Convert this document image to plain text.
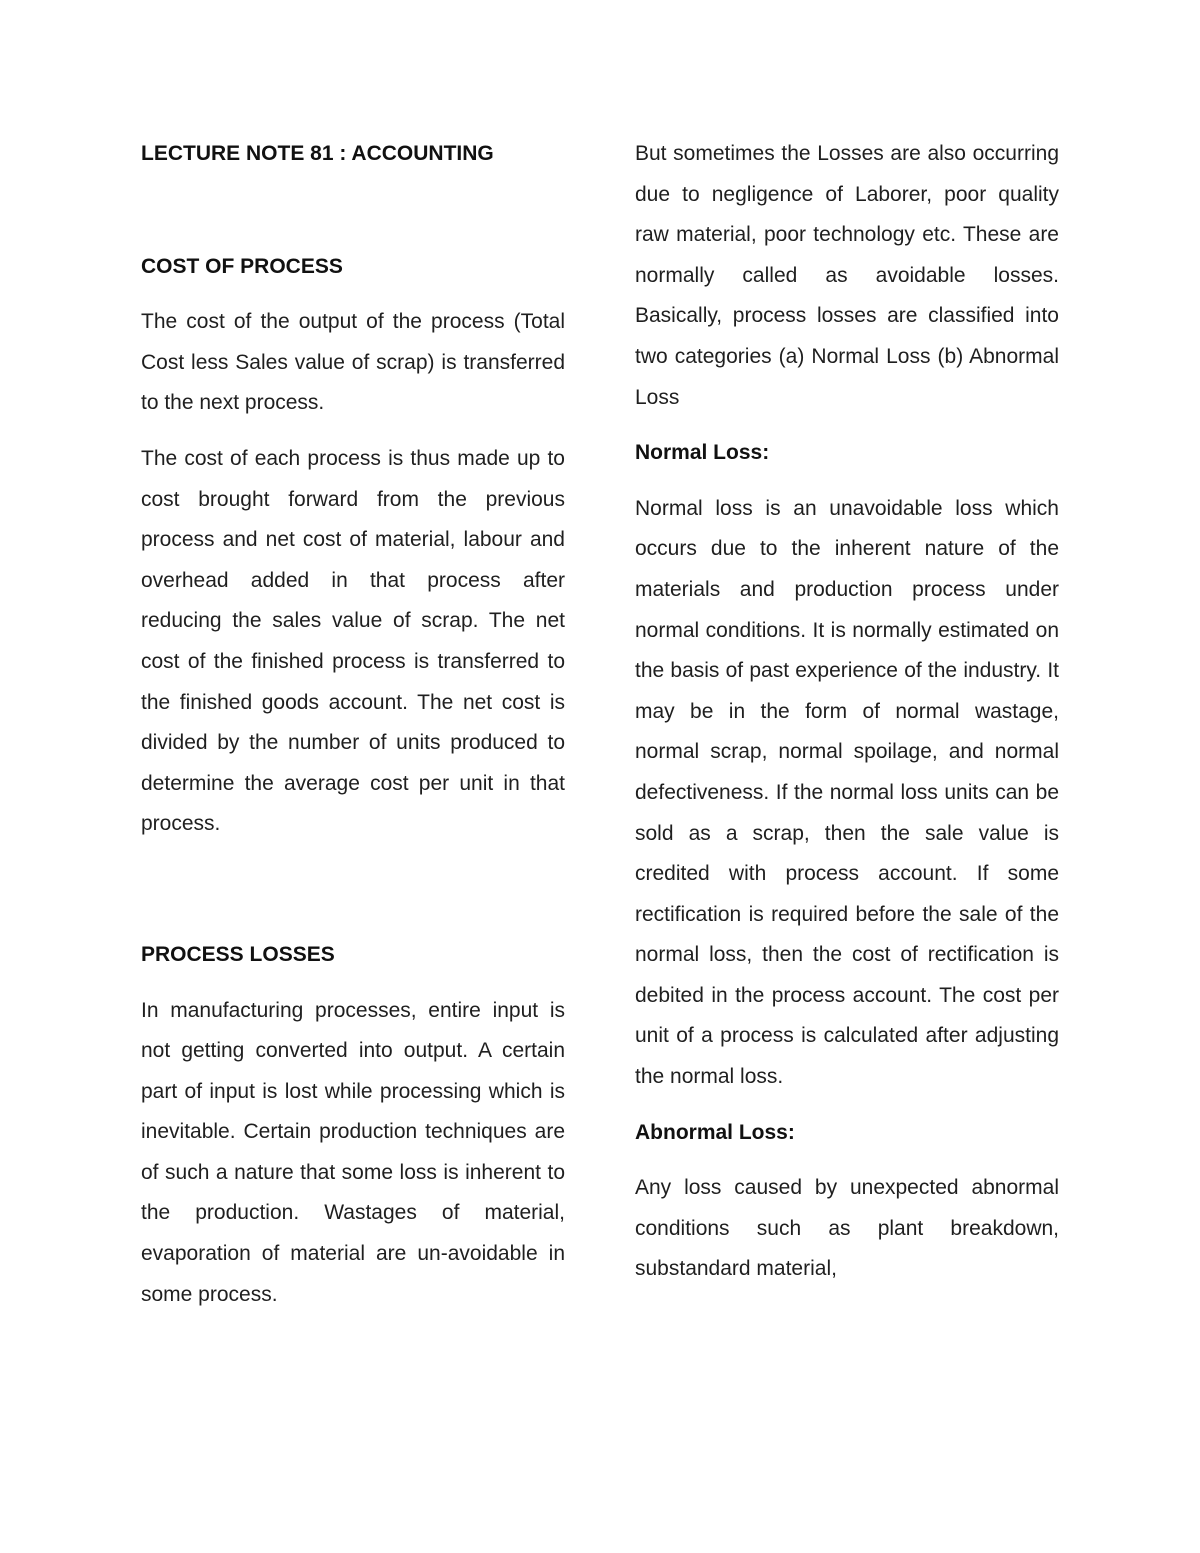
LECTURE NOTE 81 : ACCOUNTING
COST OF PROCESS

The cost of the output of the process (Total Cost less Sales value of scrap) is transferred to the next process.

The cost of each process is thus made up to cost brought forward from the previous process and net cost of material, labour and overhead added in that process after reducing the sales value of scrap. The net cost of the finished process is transferred to the finished goods account. The net cost is divided by the number of units produced to determine the average cost per unit in that process.

PROCESS LOSSES

In manufacturing processes, entire input is not getting converted into output. A certain part of input is lost while processing which is inevitable. Certain production techniques are of such a nature that some loss is inherent to the production. Wastages of material, evaporation of material are un-avoidable in some process.

But sometimes the Losses are also occurring due to negligence of Laborer, poor quality raw material, poor technology etc. These are normally called as avoidable losses. Basically, process losses are classified into two categories (a) Normal Loss (b) Abnormal Loss

Normal Loss:

Normal loss is an unavoidable loss which occurs due to the inherent nature of the materials and production process under normal conditions. It is normally estimated on the basis of past experience of the industry. It may be in the form of normal wastage, normal scrap, normal spoilage, and normal defectiveness. If the normal loss units can be sold as a scrap, then the sale value is credited with process account. If some rectification is required before the sale of the normal loss, then the cost of rectification is debited in the process account. The cost per unit of a process is calculated after adjusting the normal loss.

Abnormal Loss:

Any loss caused by unexpected abnormal conditions such as plant breakdown, substandard material,
